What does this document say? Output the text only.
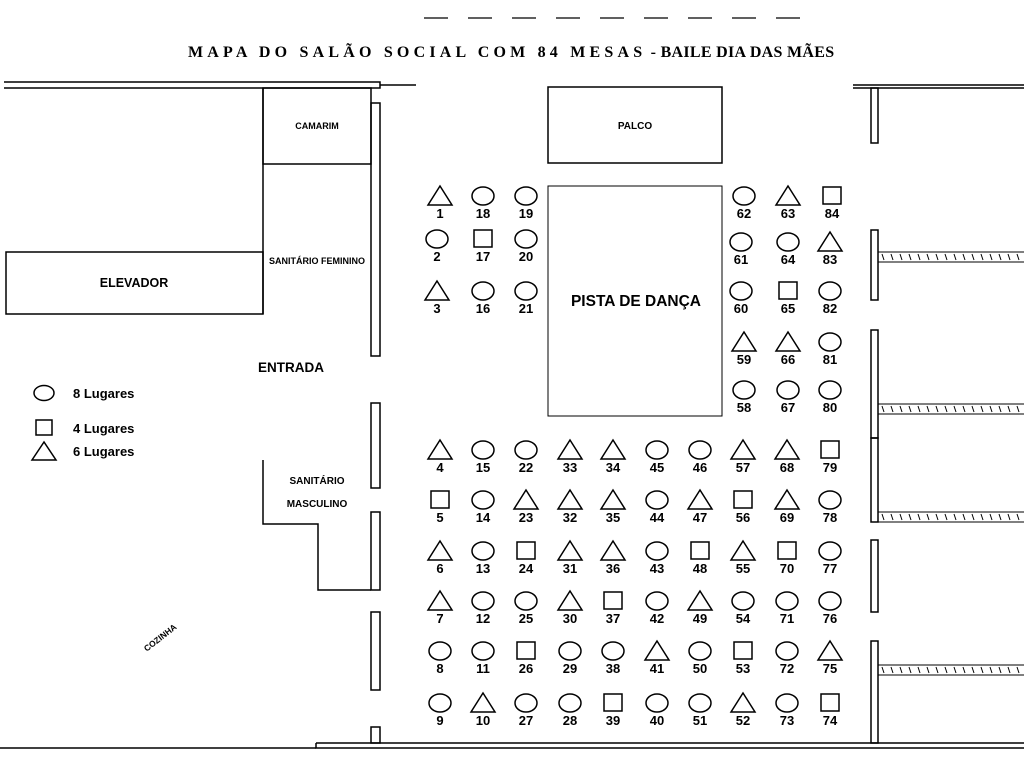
MAPA DO SALÃO SOCIAL COM 84 MESAS - BAILE DIA DAS MÃES
CAMARIM
SANITÁRIO FEMININO
ELEVADOR
PALCO
PISTA DE DANÇA
ENTRADA
SANITÁRIO
MASCULINO
COZINHA
8 Lugares
4 Lugares
6 Lugares
1 18 19	62 63 84
2	17 20	61	64 83
3	16 21	60	65 82
59 66 81
58 67 80
4 15 22 33 34 45 46 57 68 79
5 14 23 32 35 44 47 56 69 78
6 13 24 31 36 43 48 55 70 77
7 12 25 30 37 42 49 54 71 76
8	11 26 29 38 41 50 53 72 75
9 10 27 28 39 40 51 52 73 74
